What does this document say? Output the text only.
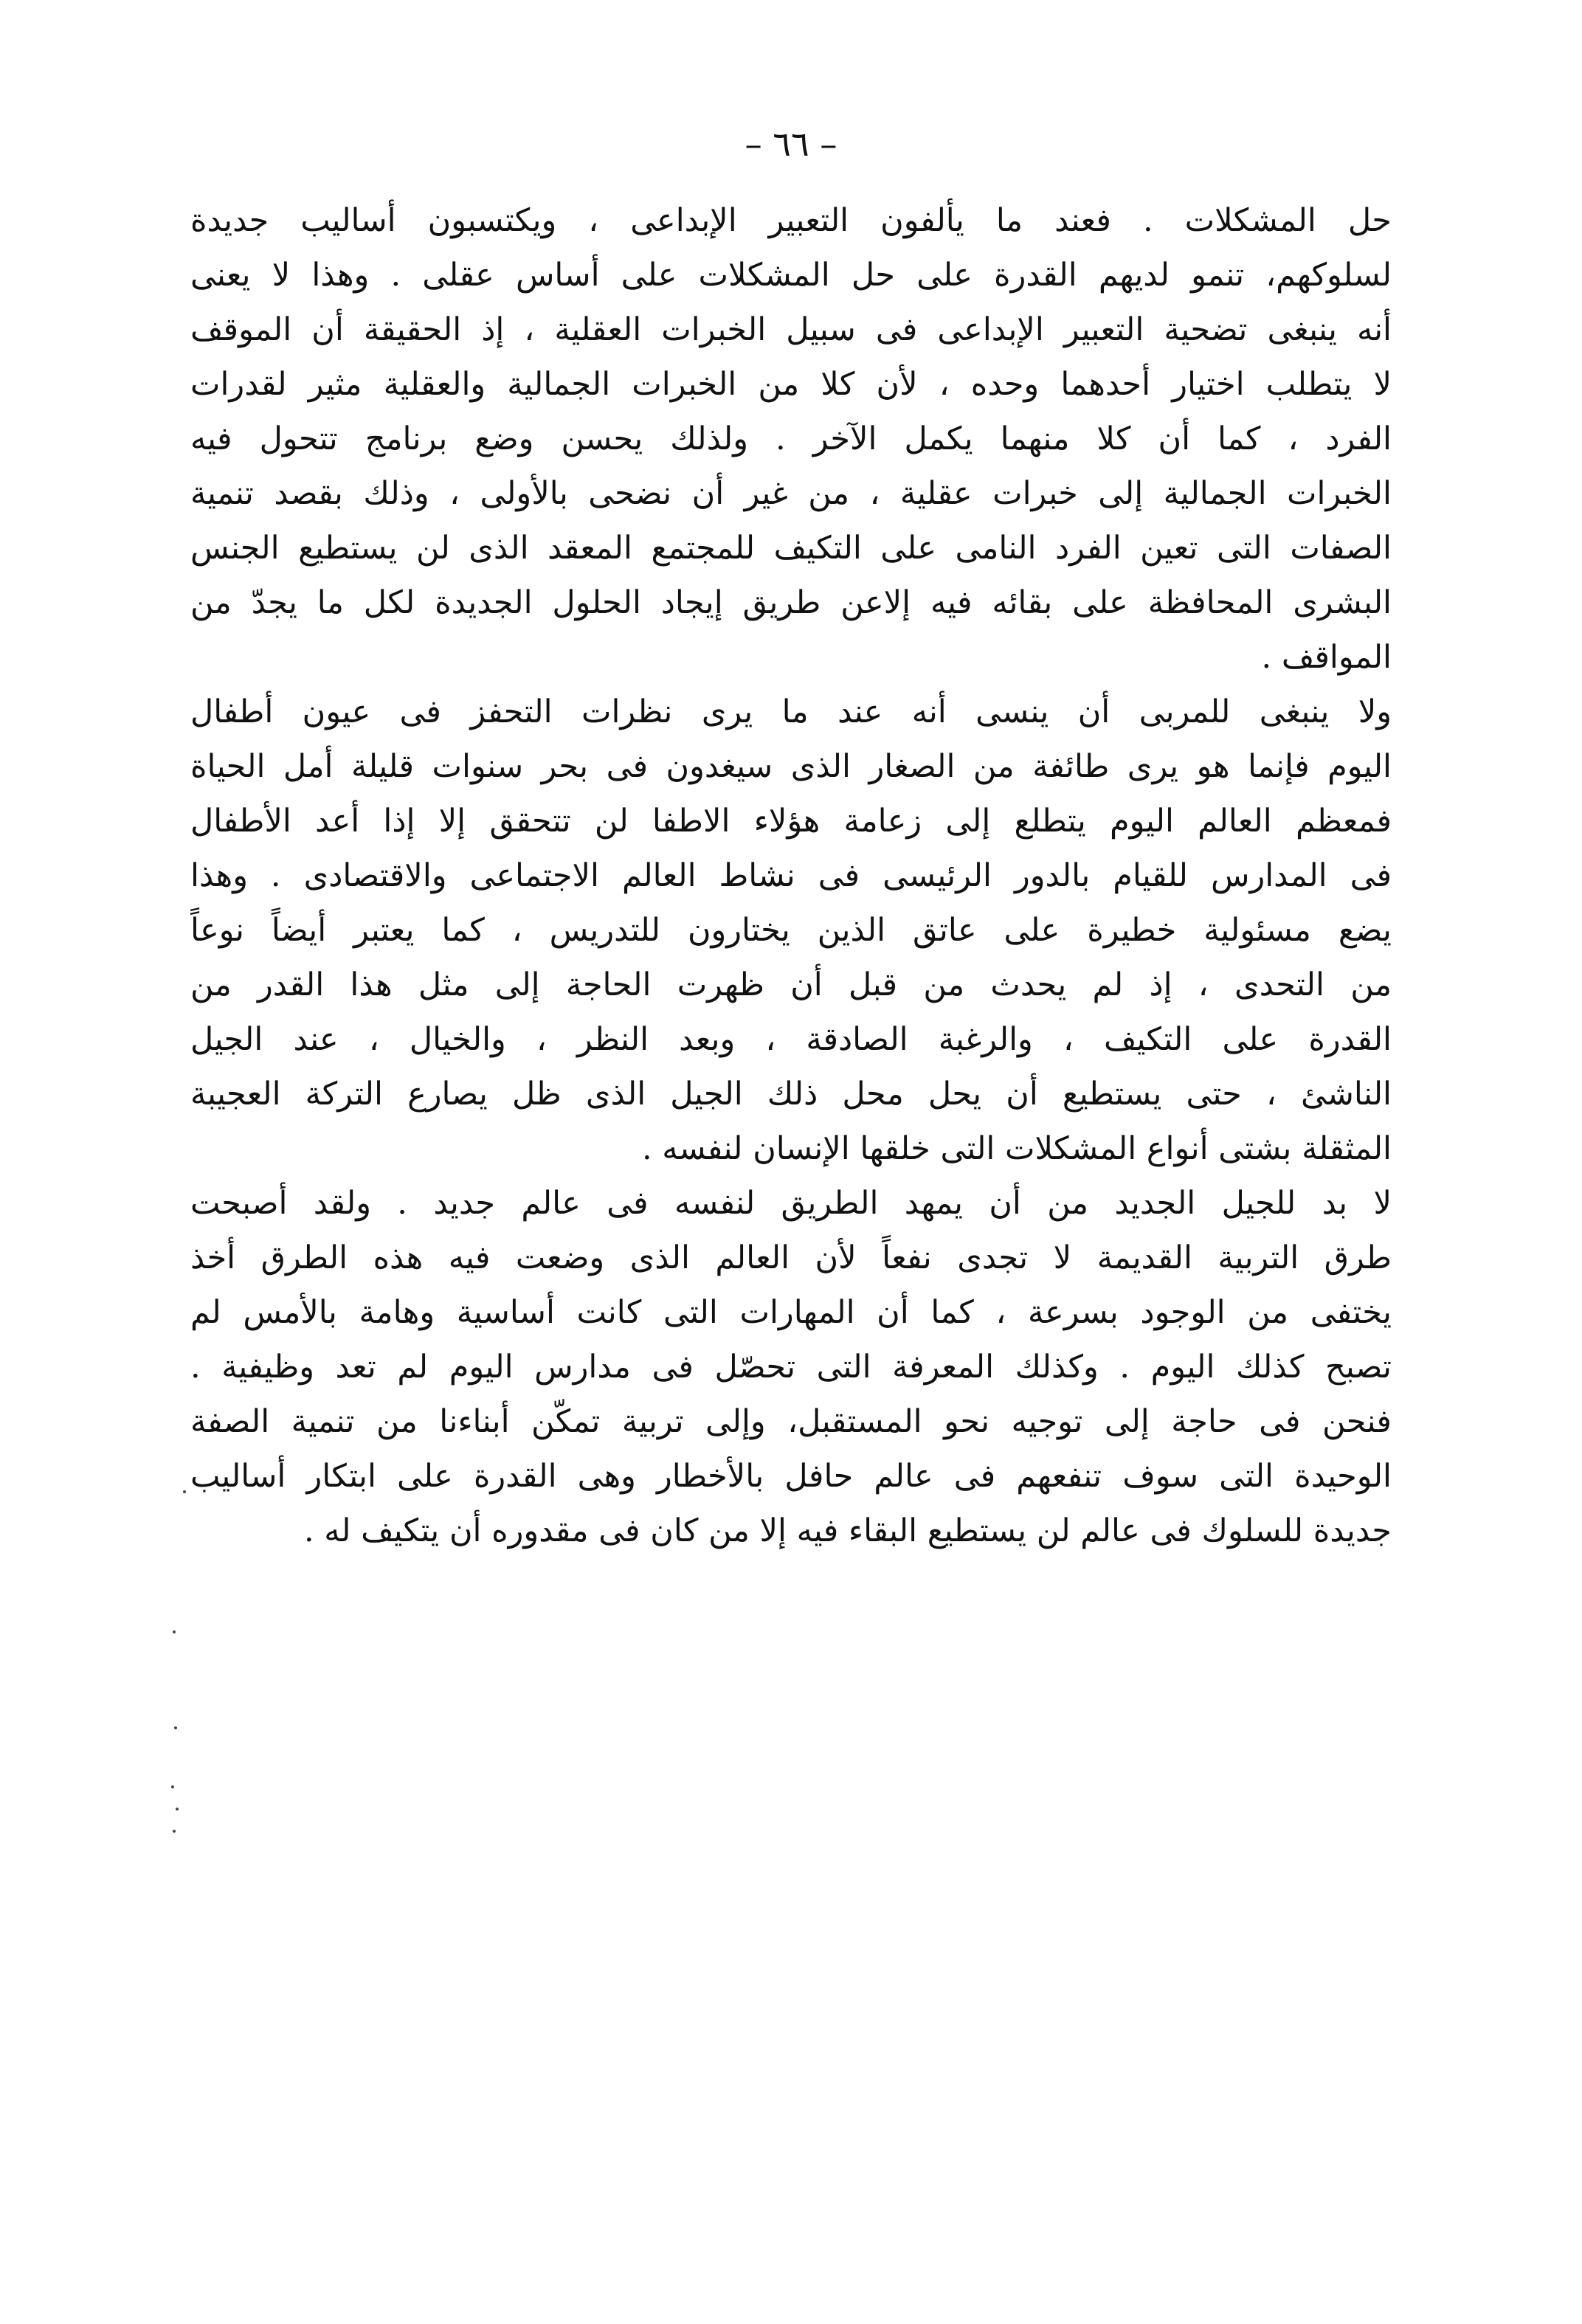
– ٦٦ –
حل المشكلات . فعند ما يألفون التعبير الإبداعى ، ويكتسبون أساليب جديدة
لسلوكهم، تنمو لديهم القدرة على حل المشكلات على أساس عقلى . وهذا لا يعنى
أنه ينبغى تضحية التعبير الإبداعى فى سبيل الخبرات العقلية ، إذ الحقيقة أن الموقف
لا يتطلب اختيار أحدهما وحده ، لأن كلا من الخبرات الجمالية والعقلية مثير لقدرات
الفرد ، كما أن كلا منهما يكمل الآخر . ولذلك يحسن وضع برنامج تتحول فيه
الخبرات الجمالية إلى خبرات عقلية ، من غير أن نضحى بالأولى ، وذلك بقصد تنمية
الصفات التى تعين الفرد النامى على التكيف للمجتمع المعقد الذى لن يستطيع الجنس
البشرى المحافظة على بقائه فيه إلاعن طريق إيجاد الحلول الجديدة لكل ما يجدّ من
المواقف .
ولا ينبغى للمربى أن ينسى أنه عند ما يرى نظرات التحفز فى عيون أطفال
اليوم فإنما هو يرى طائفة من الصغار الذى سيغدون فى بحر سنوات قليلة أمل الحياة
فمعظم العالم اليوم يتطلع إلى زعامة هؤلاء الاطفا لن تتحقق إلا إذا أعد الأطفال
فى المدارس للقيام بالدور الرئيسى فى نشاط العالم الاجتماعى والاقتصادى . وهذا
يضع مسئولية خطيرة على عاتق الذين يختارون للتدريس ، كما يعتبر أيضاً نوعاً
من التحدى ، إذ لم يحدث من قبل أن ظهرت الحاجة إلى مثل هذا القدر من
القدرة على التكيف ، والرغبة الصادقة ، وبعد النظر ، والخيال ، عند الجيل
الناشئ ، حتى يستطيع أن يحل محل ذلك الجيل الذى ظل يصارع التركة العجيبة
المثقلة بشتى أنواع المشكلات التى خلقها الإنسان لنفسه .
لا بد للجيل الجديد من أن يمهد الطريق لنفسه فى عالم جديد . ولقد أصبحت
طرق التربية القديمة لا تجدى نفعاً لأن العالم الذى وضعت فيه هذه الطرق أخذ
يختفى من الوجود بسرعة ، كما أن المهارات التى كانت أساسية وهامة بالأمس لم
تصبح كذلك اليوم . وكذلك المعرفة التى تحصّل فى مدارس اليوم لم تعد وظيفية .
فنحن فى حاجة إلى توجيه نحو المستقبل، وإلى تربية تمكّن أبناءنا من تنمية الصفة
الوحيدة التى سوف تنفعهم فى عالم حافل بالأخطار وهى القدرة على ابتكار أساليب
جديدة للسلوك فى عالم لن يستطيع البقاء فيه إلا من كان فى مقدوره أن يتكيف له .
